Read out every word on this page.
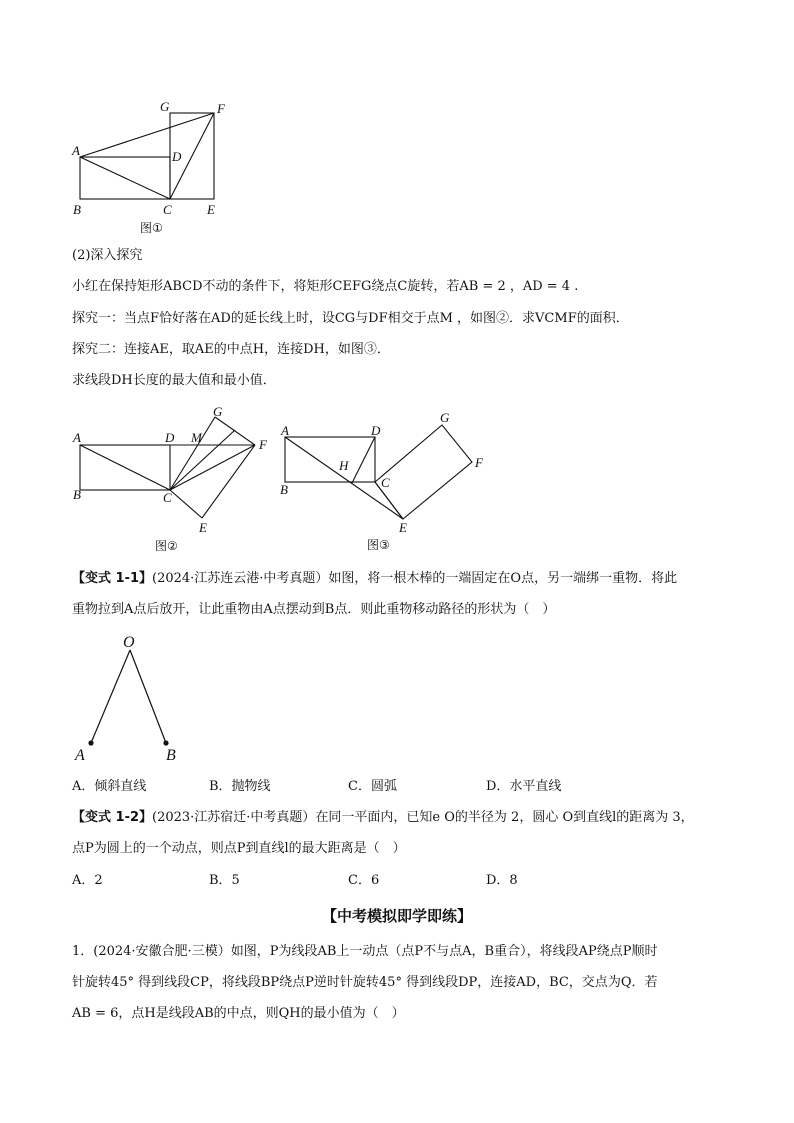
G	F
A	D
B	C	E
图①
(2)深入探究
小红在保持矩形ABCD不动的条件下，将矩形CEFG绕点C旋转，若AB = 2 ，AD = 4 .
探究一：当点F恰好落在AD的延长线上时，设CG与DF相交于点M ，如图②．求VCMF的面积．
探究二：连接AE，取AE的中点H，连接DH，如图③．
求线段DH长度的最大值和最小值．
A	D M
G
F
B	C
E
图②
A	D
G
H	F
B	C
E
图③
【变式 1-1】(2024·江苏连云港·中考真题）如图，将一根木棒的一端固定在O点，另一端绑一重物．将此
重物拉到A点后放开，让此重物由A点摆动到B点．则此重物移动路径的形状为（　）
O
A	B
A．倾斜直线	B．抛物线	C．圆弧	D．水平直线
【变式 1-2】(2023·江苏宿迁·中考真题）在同一平面内，已知e O的半径为 2，圆心 O到直线l的距离为 3，
点P为圆上的一个动点，则点P到直线l的最大距离是（　）
A．2	B．5	C．6	D．8
【中考模拟即学即练】
1．(2024·安徽合肥·三模）如图，P为线段AB上一动点（点P不与点A，B重合），将线段AP绕点P顺时
针旋转45° 得到线段CP，将线段BP绕点P逆时针旋转45° 得到线段DP，连接AD，BC，交点为Q．若
AB = 6，点H是线段AB的中点，则QH的最小值为（　）
